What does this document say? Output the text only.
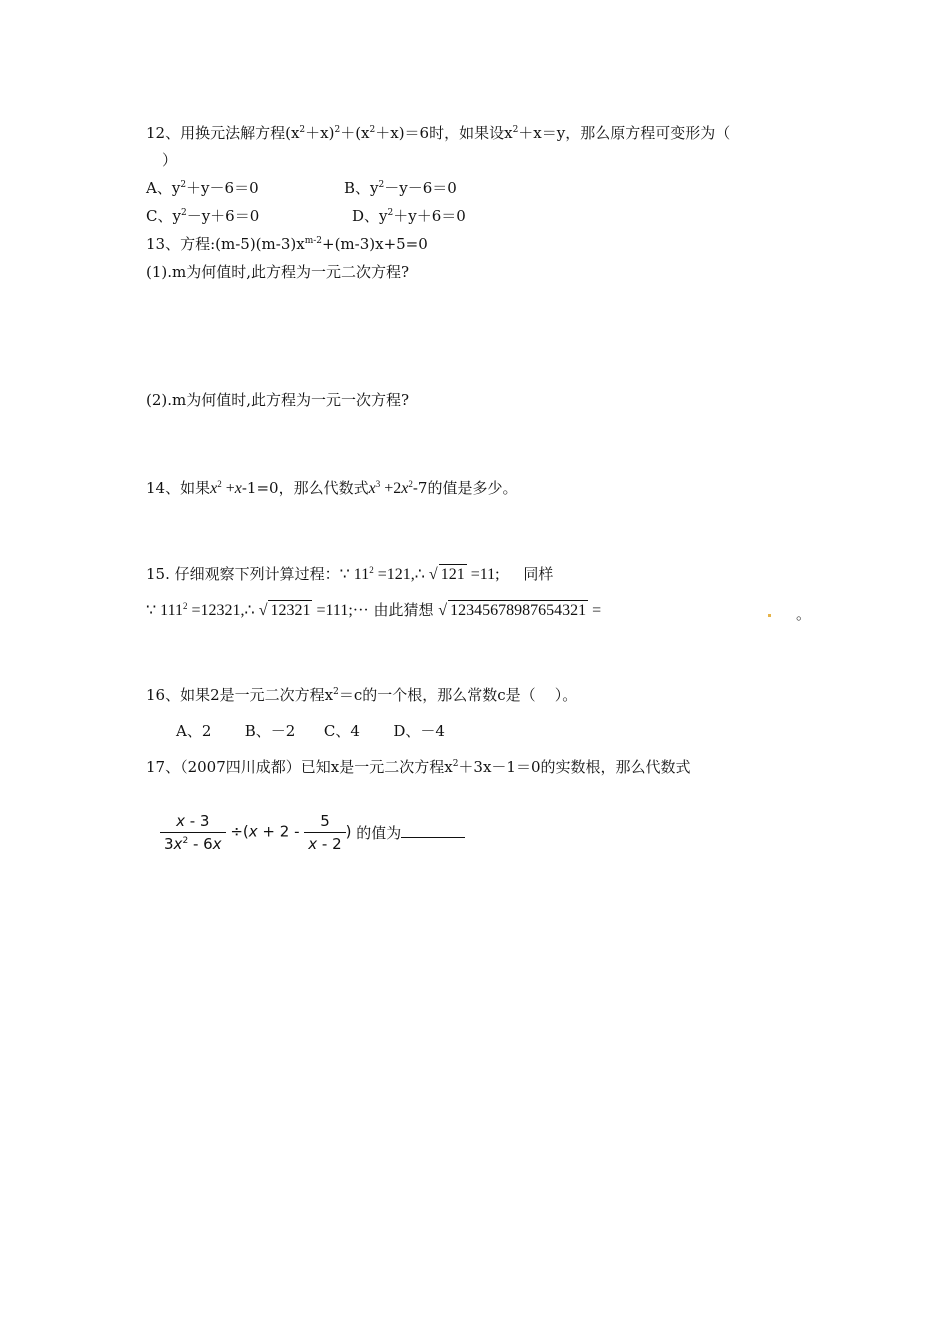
12、用换元法解方程$(x^2+x)^2+(x^2+x)=6$时，如果设$x^2+x=y$，那么原方程可变形为（
）
A、$y^2+y-6=0$	B、$y^2-y-6=0$
C、$y^2-y+6=0$	D、$y^2+y+6=0$
13、方程$:(m-5)(m-3)x^{m-2}+(m-3)x+5=0$
(1).m为何值时,此方程为一元二次方程?
(2).m为何值时,此方程为一元一次方程?
14、如果$x^2 +x-1=0$，那么代数式$x^3 +2x^2-7$的值是多少。
15. 仔细观察下列计算过程：∵ $11^2$ =121,∴ √ 121 =11;     同样
∵ $111^2$ =12321,∴ √ 12321 =111;··· 由此猜想 √ 12345678987654321 =	。
16、如果2是一元二次方程$x^2=c$的一个根，那么常数c是（    ）。
A、2       B、－2      C、4       D、－4
17、（2007四川成都）已知x是一元二次方程$x^2+3x-1=0$的实数根，那么代数式
$\frac{x - 3}{3x^2 - 6x} \div(x + 2 - \frac{5}{x - 2}$ ) 的值为
